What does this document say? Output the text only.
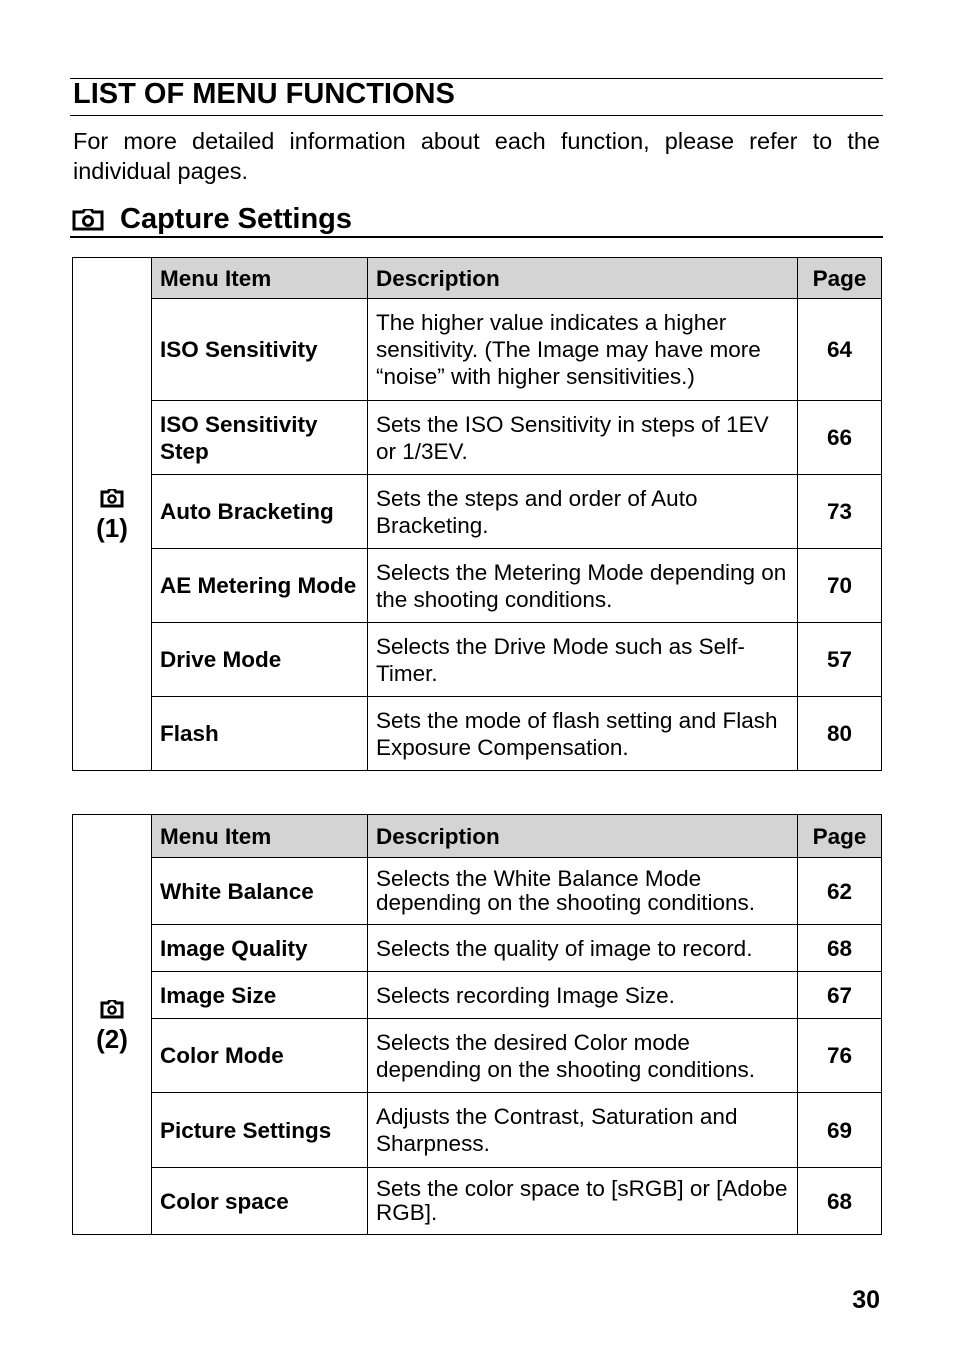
LIST OF MENU FUNCTIONS
For more detailed information about each function, please refer to the individual pages.
Capture Settings
(1)	Menu Item	Description	Page
	ISO Sensitivity	The higher value indicates a higher sensitivity. (The Image may have more “noise” with higher sensitivities.)	64
	ISO Sensitivity Step	Sets the ISO Sensitivity in steps of 1EV or 1/3EV.	66
	Auto Bracketing	Sets the steps and order of Auto Bracketing.	73
	AE Metering Mode	Selects the Metering Mode depending on the shooting conditions.	70
	Drive Mode	Selects the Drive Mode such as Self-Timer.	57
	Flash	Sets the mode of flash setting and Flash Exposure Compensation.	80
(2)	Menu Item	Description	Page
	White Balance	Selects the White Balance Mode depending on the shooting conditions.	62
	Image Quality	Selects the quality of image to record.	68
	Image Size	Selects recording Image Size.	67
	Color Mode	Selects the desired Color mode depending on the shooting conditions.	76
	Picture Settings	Adjusts the Contrast, Saturation and Sharpness.	69
	Color space	Sets the color space to [sRGB] or [Adobe RGB].	68
30
